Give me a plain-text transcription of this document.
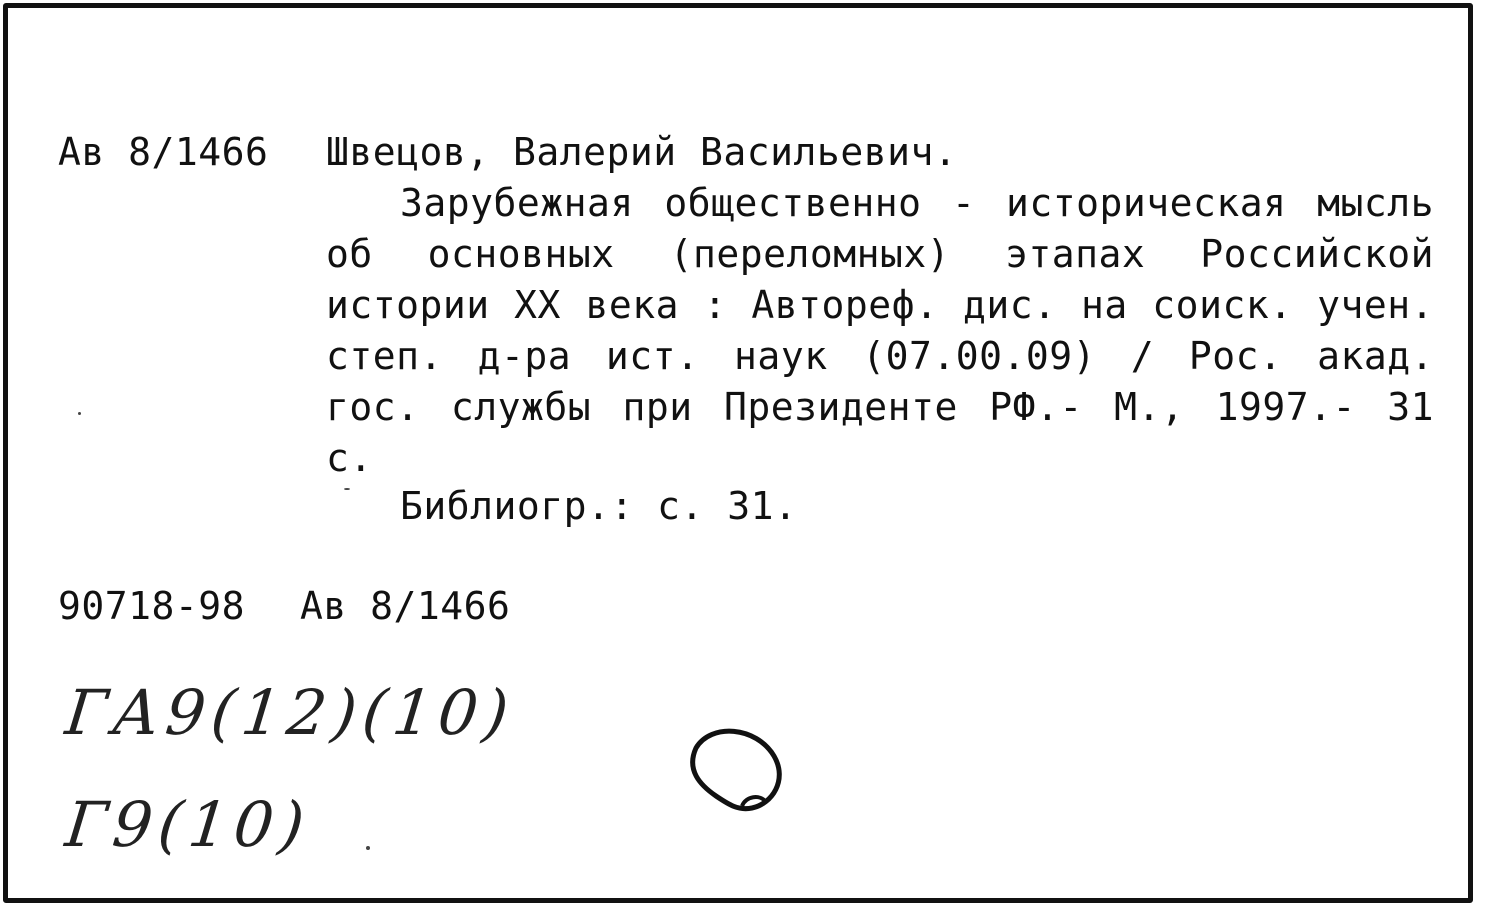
Ав 8/1466 Швецов, Валерий Васильевич.
Зарубежная общественно - историческая мысль об основных (переломных) этапах Российской истории XX века : Автореф. дис. на соиск. учен. степ. д-ра ист. наук (07.00.09) / Рос. акад. гос. службы при Президенте РФ.- М., 1997.- 31 с.
Библиогр.: с. 31.
90718-98 Ав 8/1466
ГА9(12)(10)
Г9(10)
